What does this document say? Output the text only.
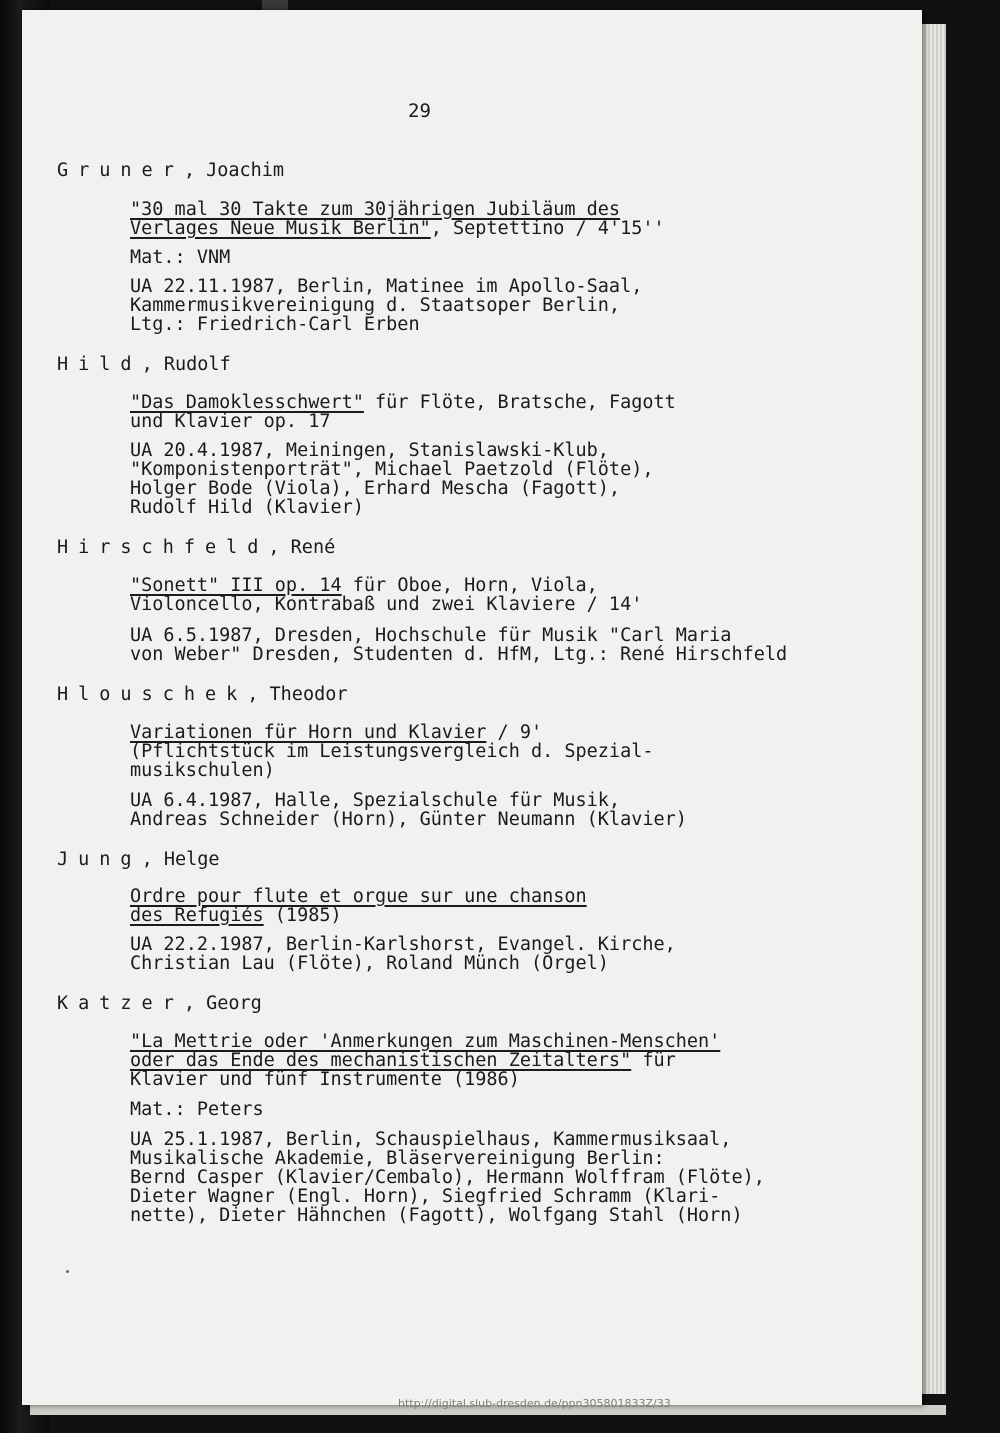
29
Gruner, Joachim
"30 mal 30 Takte zum 30jährigen Jubiläum des
Verlages Neue Musik Berlin", Septettino / 4'15''
Mat.: VNM
UA 22.11.1987, Berlin, Matinee im Apollo-Saal,
Kammermusikvereinigung d. Staatsoper Berlin,
Ltg.: Friedrich-Carl Erben
Hild, Rudolf
"Das Damoklesschwert" für Flöte, Bratsche, Fagott
und Klavier op. 17
UA 20.4.1987, Meiningen, Stanislawski-Klub,
"Komponistenporträt", Michael Paetzold (Flöte),
Holger Bode (Viola), Erhard Mescha (Fagott),
Rudolf Hild (Klavier)
Hirschfeld, René
"Sonett" III op. 14 für Oboe, Horn, Viola,
Violoncello, Kontrabaß und zwei Klaviere / 14'
UA 6.5.1987, Dresden, Hochschule für Musik "Carl Maria
von Weber" Dresden, Studenten d. HfM, Ltg.: René Hirschfeld
Hlouschek, Theodor
Variationen für Horn und Klavier / 9'
(Pflichtstück im Leistungsvergleich d. Spezial-
musikschulen)
UA 6.4.1987, Halle, Spezialschule für Musik,
Andreas Schneider (Horn), Günter Neumann (Klavier)
Jung, Helge
Ordre pour flute et orgue sur une chanson
des Refugiés (1985)
UA 22.2.1987, Berlin-Karlshorst, Evangel. Kirche,
Christian Lau (Flöte), Roland Münch (Orgel)
Katzer, Georg
"La Mettrie oder 'Anmerkungen zum Maschinen-Menschen'
oder das Ende des mechanistischen Zeitalters" für
Klavier und fünf Instrumente (1986)
Mat.: Peters
UA 25.1.1987, Berlin, Schauspielhaus, Kammermusiksaal,
Musikalische Akademie, Bläservereinigung Berlin:
Bernd Casper (Klavier/Cembalo), Hermann Wolffram (Flöte),
Dieter Wagner (Engl. Horn), Siegfried Schramm (Klari-
nette), Dieter Hähnchen (Fagott), Wolfgang Stahl (Horn)
http://digital.slub-dresden.de/ppn305801833Z/33
